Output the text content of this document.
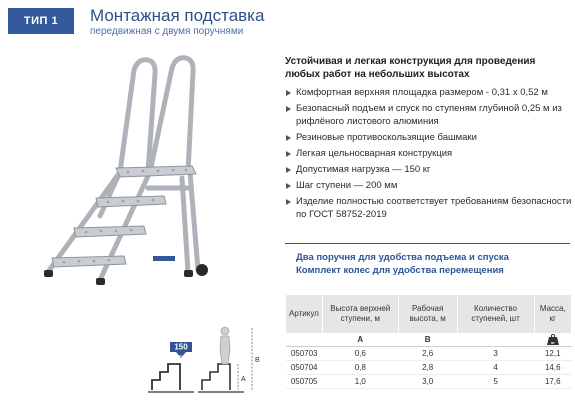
ТИП 1	Монтажная подставка
передвижная с двумя поручнями
Устойчивая и легкая конструкция для проведения любых работ на небольших высотах
Комфортная верхняя площадка размером - 0,31 x 0,52 м
Безопасный подъем и спуск по ступеням глубиной 0,25 м из рифлёного листового алюминия
Резиновые противоскользящие башмаки
Легкая цельносварная конструкция
Допустимая нагрузка — 150 кг
Шаг ступени — 200 мм
Изделие полностью соответствует требованиям безопасности по ГОСТ 58752-2019
Два поручня для удобства подъема и спуска
Комплект колес для удобства перемещения
150
кг
A
B
Артикул	Высота верхней ступени, м	Рабочая высота, м	Количество ступеней, шт	Масса, кг
	A	B		кг

050703	0,6	2,6	3	12,1
050704	0,8	2,8	4	14,6
050705	1,0	3,0	5	17,6
